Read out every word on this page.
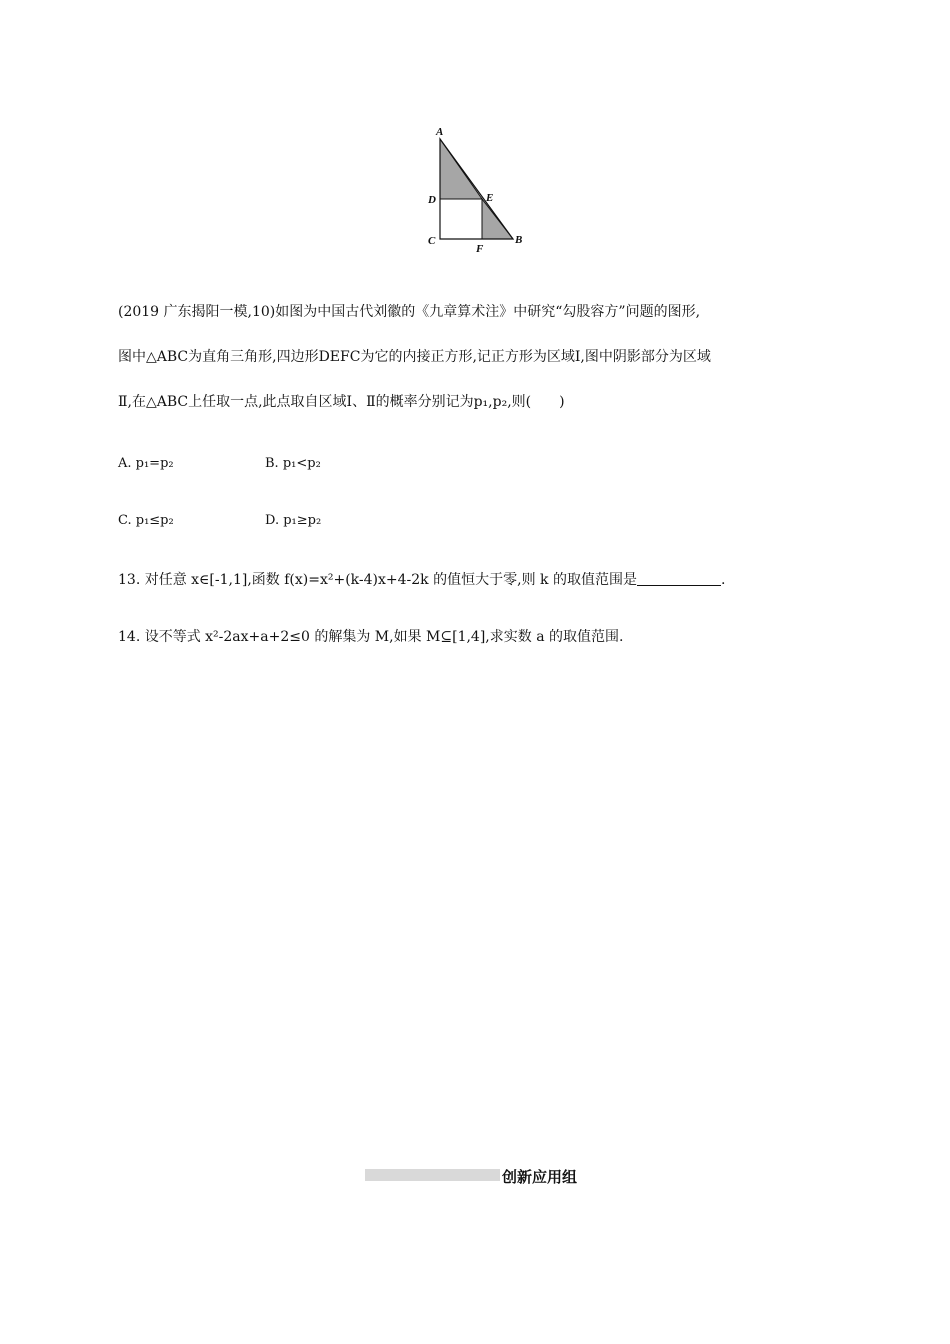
A
D	E
C
F
B
(2019 广东揭阳一模,10)如图为中国古代刘徽的《九章算术注》中研究“勾股容方”问题的图形,
图中△ABC为直角三角形,四边形DEFC为它的内接正方形,记正方形为区域Ⅰ,图中阴影部分为区域
Ⅱ,在△ABC上任取一点,此点取自区域Ⅰ、Ⅱ的概率分别记为p₁,p₂,则(　　)
A. p₁=p₂	B. p₁<p₂
C. p₁≤p₂	D. p₁≥p₂
13. 对任意 x∈[-1,1],函数 f(x)=x²+(k-4)x+4-2k 的值恒大于零,则 k 的取值范围是	.
14. 设不等式 x²-2ax+a+2≤0 的解集为 M,如果 M⊆[1,4],求实数 a 的取值范围.
创新应用组
